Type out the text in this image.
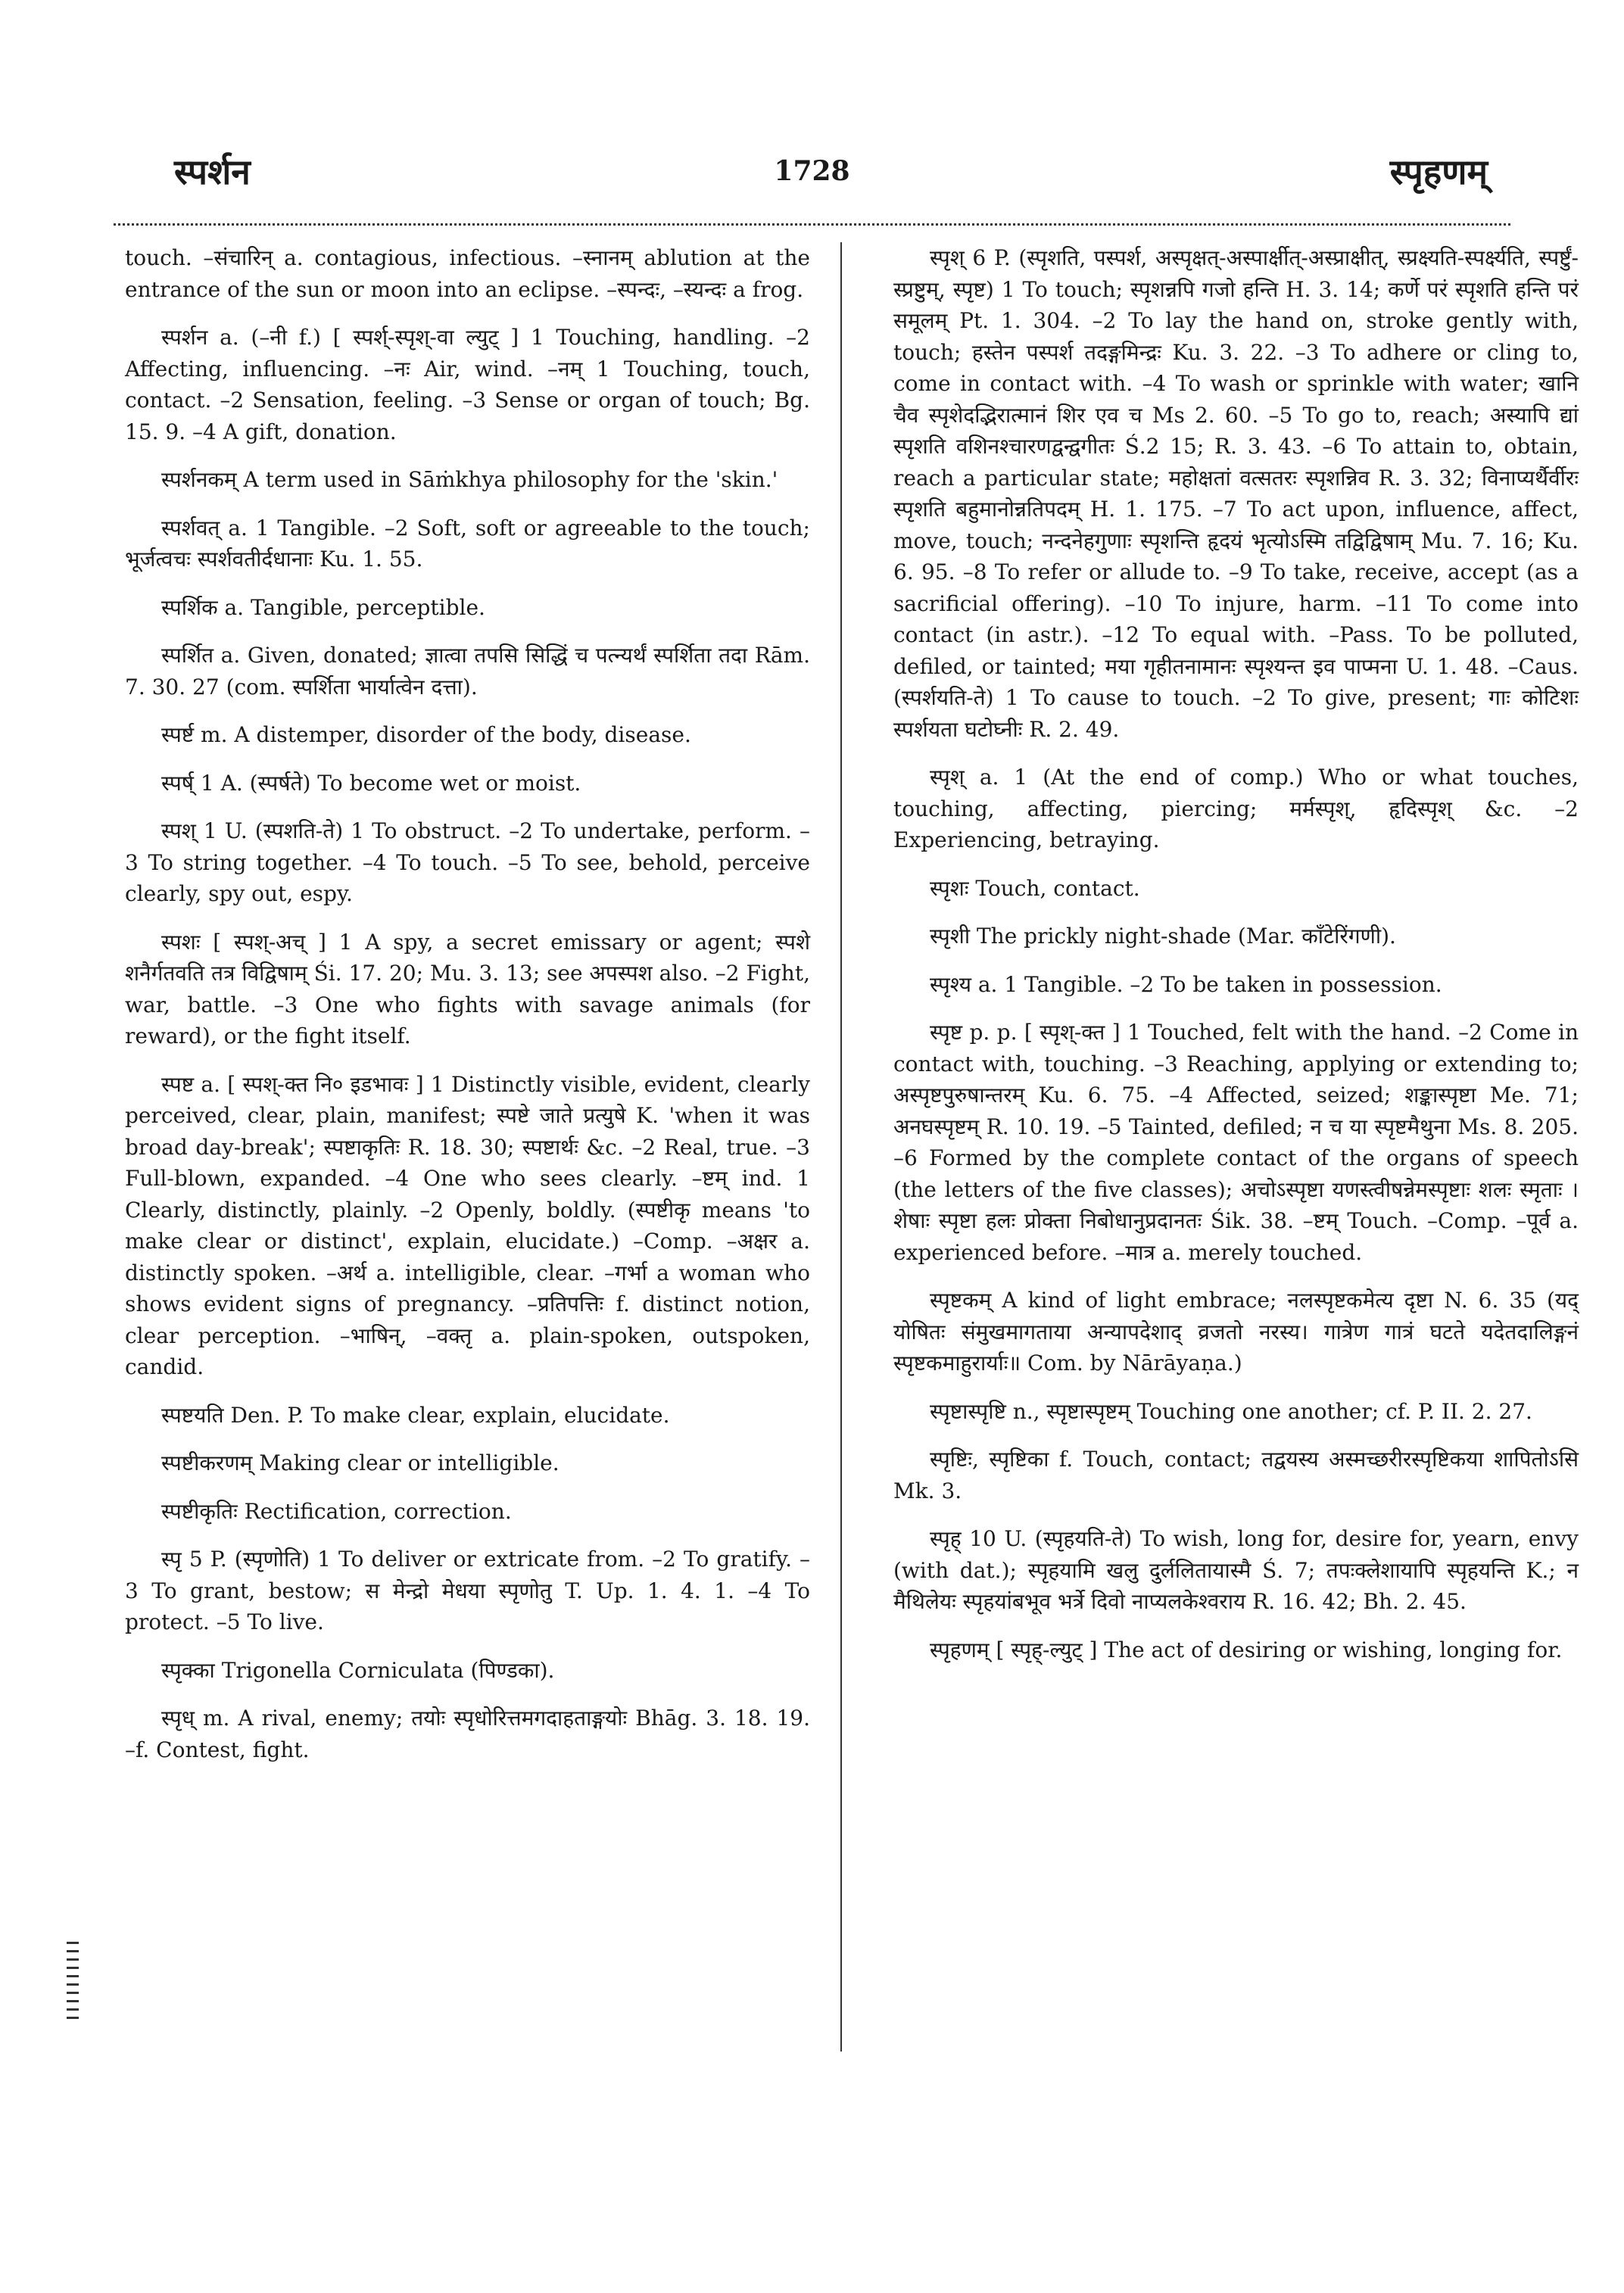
स्पर्शन	1728	स्पृहणम्

touch. –संचारिन् a. contagious, infectious. –स्नानम् ablution at the entrance of the sun or moon into an eclipse. –स्पन्दः, –स्यन्दः a frog.

स्पर्शन a. (–नी f.) [ स्पर्श्-स्पृश्-वा ल्युट् ] 1 Touching, handling. –2 Affecting, influencing. –नः Air, wind. –नम् 1 Touching, touch, contact. –2 Sensation, feeling. –3 Sense or organ of touch; Bg. 15. 9. –4 A gift, donation.

स्पर्शनकम् A term used in Sāṁkhya philosophy for the 'skin.'

स्पर्शवत् a. 1 Tangible. –2 Soft, soft or agreeable to the touch; भूर्जत्वचः स्पर्शवतीर्दधानाः Ku. 1. 55.

स्पर्शिक a. Tangible, perceptible.

स्पर्शित a. Given, donated; ज्ञात्वा तपसि सिद्धिं च पत्न्यर्थं स्पर्शिता तदा Rām. 7. 30. 27 (com. स्पर्शिता भार्यात्वेन दत्ता).

स्पर्ष्ट m. A distemper, disorder of the body, disease.

स्पर्ष् 1 A. (स्पर्षते) To become wet or moist.

स्पश् 1 U. (स्पशति-ते) 1 To obstruct. –2 To undertake, perform. –3 To string together. –4 To touch. –5 To see, behold, perceive clearly, spy out, espy.

स्पशः [ स्पश्-अच् ] 1 A spy, a secret emissary or agent; स्पशे शनैर्गतवति तत्र विद्विषाम् Śi. 17. 20; Mu. 3. 13; see अपस्पश also. –2 Fight, war, battle. –3 One who fights with savage animals (for reward), or the fight itself.

स्पष्ट a. [ स्पश्-क्त नि० इडभावः ] 1 Distinctly visible, evident, clearly perceived, clear, plain, manifest; स्पष्टे जाते प्रत्युषे K. 'when it was broad day-break'; स्पष्टाकृतिः R. 18. 30; स्पष्टार्थः &c. –2 Real, true. –3 Full-blown, expanded. –4 One who sees clearly. –ष्टम् ind. 1 Clearly, distinctly, plainly. –2 Openly, boldly. (स्पष्टीकृ means 'to make clear or distinct', explain, elucidate.) –Comp. –अक्षर a. distinctly spoken. –अर्थ a. intelligible, clear. –गर्भा a woman who shows evident signs of pregnancy. –प्रतिपत्तिः f. distinct notion, clear perception. –भाषिन्, –वक्तृ a. plain-spoken, outspoken, candid.

स्पष्टयति Den. P. To make clear, explain, elucidate.

स्पष्टीकरणम् Making clear or intelligible.

स्पष्टीकृतिः Rectification, correction.

स्पृ 5 P. (स्पृणोति) 1 To deliver or extricate from. –2 To gratify. –3 To grant, bestow; स मेन्द्रो मेधया स्पृणोतु T. Up. 1. 4. 1. –4 To protect. –5 To live.

स्पृक्का Trigonella Corniculata (पिण्डका).

स्पृध् m. A rival, enemy; तयोः स्पृधोरित्तमगदाहताङ्गयोः Bhāg. 3. 18. 19. –f. Contest, fight.

स्पृश् 6 P. (स्पृशति, पस्पर्श, अस्पृक्षत्-अस्पार्क्षीत्-अस्प्राक्षीत्, स्प्रक्ष्यति-स्पर्क्ष्यति, स्पर्ष्टुं-स्प्रष्टुम्, स्पृष्ट) 1 To touch; स्पृशन्नपि गजो हन्ति H. 3. 14; कर्णे परं स्पृशति हन्ति परं समूलम् Pt. 1. 304. –2 To lay the hand on, stroke gently with, touch; हस्तेन पस्पर्श तदङ्गमिन्द्रः Ku. 3. 22. –3 To adhere or cling to, come in contact with. –4 To wash or sprinkle with water; खानि चैव स्पृशेदद्भिरात्मानं शिर एव च Ms 2. 60. –5 To go to, reach; अस्यापि द्यां स्पृशति वशिनश्चारणद्वन्द्वगीतः Ś.2 15; R. 3. 43. –6 To attain to, obtain, reach a particular state; महोक्षतां वत्सतरः स्पृशन्निव R. 3. 32; विनाप्यर्थैर्वीरः स्पृशति बहुमानोन्नतिपदम् H. 1. 175. –7 To act upon, influence, affect, move, touch; नन्दनेहगुणाः स्पृशन्ति हृदयं भृत्योऽस्मि तद्विद्विषाम् Mu. 7. 16; Ku. 6. 95. –8 To refer or allude to. –9 To take, receive, accept (as a sacrificial offering). –10 To injure, harm. –11 To come into contact (in astr.). –12 To equal with. –Pass. To be polluted, defiled, or tainted; मया गृहीतनामानः स्पृश्यन्त इव पाप्मना U. 1. 48. –Caus. (स्पर्शयति-ते) 1 To cause to touch. –2 To give, present; गाः कोटिशः स्पर्शयता घटोघ्नीः R. 2. 49.

स्पृश् a. 1 (At the end of comp.) Who or what touches, touching, affecting, piercing; मर्मस्पृश्, हृदिस्पृश् &c. –2 Experiencing, betraying.

स्पृशः Touch, contact.

स्पृशी The prickly night-shade (Mar. काँटेरिंगणी).

स्पृश्य a. 1 Tangible. –2 To be taken in possession.

स्पृष्ट p. p. [ स्पृश्-क्त ] 1 Touched, felt with the hand. –2 Come in contact with, touching. –3 Reaching, applying or extending to; अस्पृष्टपुरुषान्तरम् Ku. 6. 75. –4 Affected, seized; शङ्कास्पृष्टा Me. 71; अनघस्पृष्टम् R. 10. 19. –5 Tainted, defiled; न च या स्पृष्टमैथुना Ms. 8. 205. –6 Formed by the complete contact of the organs of speech (the letters of the five classes); अचोऽस्पृष्टा यणस्त्वीषन्नेमस्पृष्टाः शलः स्मृताः । शेषाः स्पृष्टा हलः प्रोक्ता निबोधानुप्रदानतः Śik. 38. –ष्टम् Touch. –Comp. –पूर्व a. experienced before. –मात्र a. merely touched.

स्पृष्टकम् A kind of light embrace; नलस्पृष्टकमेत्य दृष्टा N. 6. 35 (यद् योषितः संमुखमागताया अन्यापदेशाद् व्रजतो नरस्य। गात्रेण गात्रं घटते यदेतदालिङ्गनं स्पृष्टकमाहुरार्याः॥ Com. by Nārāyaṇa.)

स्पृष्टास्पृष्टि n., स्पृष्टास्पृष्टम् Touching one another; cf. P. II. 2. 27.

स्पृष्टिः, स्पृष्टिका f. Touch, contact; तद्वयस्य अस्मच्छरीरस्पृष्टिकया शापितोऽसि Mk. 3.

स्पृह् 10 U. (स्पृहयति-ते) To wish, long for, desire for, yearn, envy (with dat.); स्पृहयामि खलु दुर्ललितायास्मै Ś. 7; तपःक्लेशायापि स्पृहयन्ति K.; न मैथिलेयः स्पृहयांबभूव भर्त्रे दिवो नाप्यलकेश्वराय R. 16. 42; Bh. 2. 45.

स्पृहणम् [ स्पृह्-ल्युट् ] The act of desiring or wishing, longing for.
